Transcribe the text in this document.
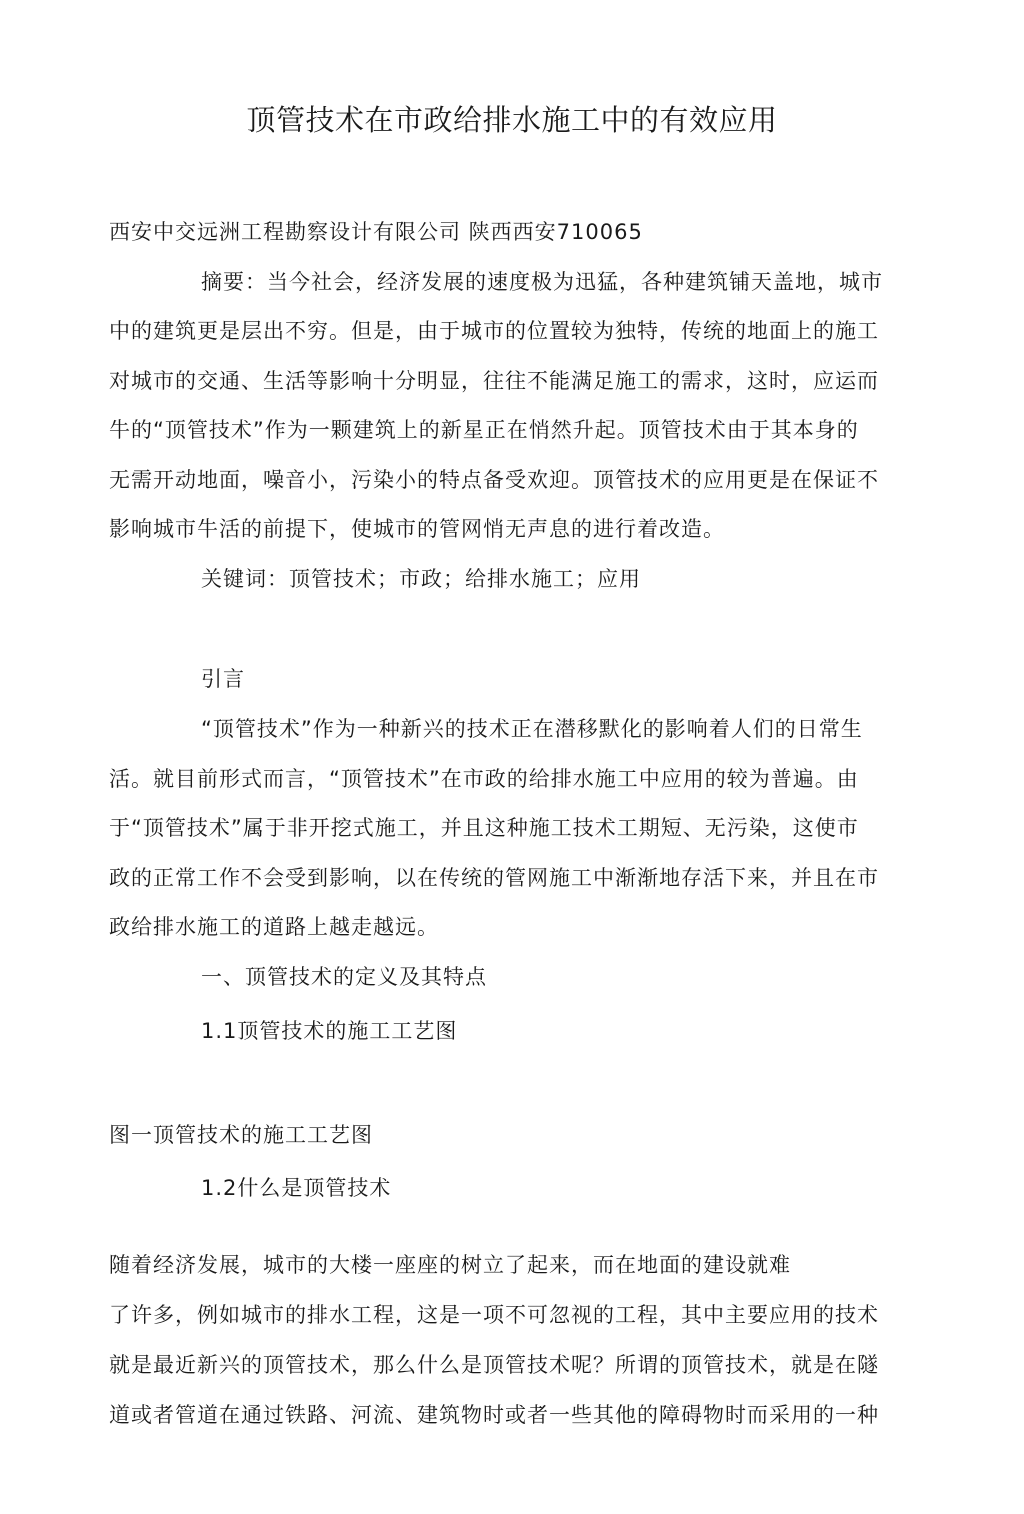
顶管技术在市政给排水施工中的有效应用
西安中交远洲工程勘察设计有限公司 陕西西安710065
摘要：当今社会，经济发展的速度极为迅猛，各种建筑铺天盖地，城市
中的建筑更是层出不穷。但是，由于城市的位置较为独特，传统的地面上的施工
对城市的交通、生活等影响十分明显，往往不能满足施工的需求，这时，应运而
牛的“顶管技术”作为一颗建筑上的新星正在悄然升起。顶管技术由于其本身的
无需开动地面，噪音小，污染小的特点备受欢迎。顶管技术的应用更是在保证不
影响城市牛活的前提下，使城市的管网悄无声息的进行着改造。
关键词：顶管技术；市政；给排水施工；应用
引言
“顶管技术”作为一种新兴的技术正在潜移默化的影响着人们的日常生
活。就目前形式而言，“顶管技术”在市政的给排水施工中应用的较为普遍。由
于“顶管技术”属于非开挖式施工，并且这种施工技术工期短、无污染，这使市
政的正常工作不会受到影响，以在传统的管网施工中渐渐地存活下来，并且在市
政给排水施工的道路上越走越远。
一、顶管技术的定义及其特点
1.1顶管技术的施工工艺图
图一顶管技术的施工工艺图
1.2什么是顶管技术
随着经济发展，城市的大楼一座座的树立了起来，而在地面的建设就难
了许多，例如城市的排水工程，这是一项不可忽视的工程，其中主要应用的技术
就是最近新兴的顶管技术，那么什么是顶管技术呢？所谓的顶管技术，就是在隧
道或者管道在通过铁路、河流、建筑物时或者一些其他的障碍物时而采用的一种
